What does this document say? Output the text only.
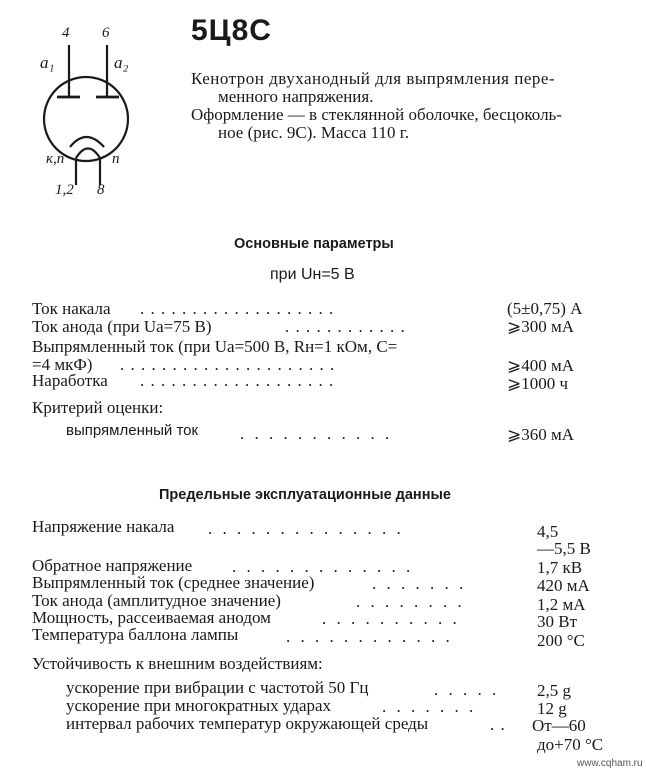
4 6
a₁	a₂
к,п	п
1,2 8
5Ц8С
Кенотрон двуханодный для выпрямления пере-
менного напряжения.
Оформление — в стеклянной оболочке, бесцоколь-
ное (рис. 9С). Масса 110 г.
Основные параметры
при Uн=5 В
Ток накала . . . . . . . . . . . . . . . . . . .	(5±0,75) А
Ток анода (при Uа=75 В)	. . . . . . . . . . . .	⩾300 мА
Выпрямленный ток (при Uа=500 В, Rн=1 кОм, С=
=4 мкФ) . . . . . . . . . . . . . . . . . . . . .	⩾400 мА
Наработка . . . . . . . . . . . . . . . . . . .	⩾1000 ч
Критерий оценки:
выпрямленный ток . . . . . . . . . . .	⩾360 мА
Предельные эксплуатационные данные
Напряжение накала . . . . . . . . . . . . . .	4,5
—5,5 В
Обратное напряжение . . . . . . . . . . . . .	1,7 кВ
Выпрямленный ток (среднее значение)	. . . . . . .	420 мА
Ток анода (амплитудное значение)	. . . . . . . .	1,2 мА
Мощность, рассеиваемая анодом	. . . . . . . . . .	30 Вт
Температура баллона лампы	. . . . . . . . . . . .	200 °С
Устойчивость к внешним воздействиям:
ускорение при вибрации с частотой 50 Гц	. . . . . 2,5 g
ускорение при многократных ударах	. . . . . . .	12 g
интервал рабочих температур окружающей среды	. . От—60
до+70 °С
www.cqham.ru
